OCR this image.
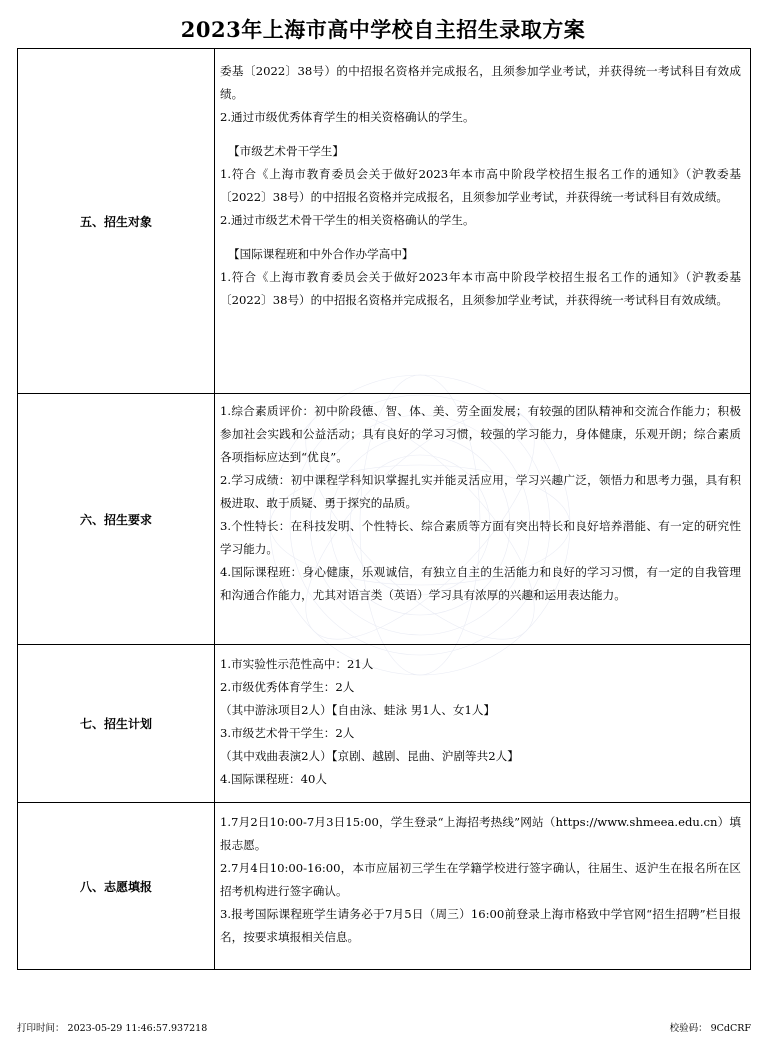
2023年上海市高中学校自主招生录取方案
五、招生对象

委基〔2022〕38号）的中招报名资格并完成报名，且须参加学业考试，并获得统一考试科目有效成绩。

2.通过市级优秀体育学生的相关资格确认的学生。

【市级艺术骨干学生】

1.符合《上海市教育委员会关于做好2023年本市高中阶段学校招生报名工作的通知》（沪教委基〔2022〕38号）的中招报名资格并完成报名，且须参加学业考试，并获得统一考试科目有效成绩。

2.通过市级艺术骨干学生的相关资格确认的学生。

【国际课程班和中外合作办学高中】

1.符合《上海市教育委员会关于做好2023年本市高中阶段学校招生报名工作的通知》（沪教委基〔2022〕38号）的中招报名资格并完成报名，且须参加学业考试，并获得统一考试科目有效成绩。

六、招生要求

1.综合素质评价：初中阶段德、智、体、美、劳全面发展；有较强的团队精神和交流合作能力；积极参加社会实践和公益活动；具有良好的学习习惯，较强的学习能力，身体健康，乐观开朗；综合素质各项指标应达到“优良”。

2.学习成绩：初中课程学科知识掌握扎实并能灵活应用，学习兴趣广泛，领悟力和思考力强，具有积极进取、敢于质疑、勇于探究的品质。

3.个性特长：在科技发明、个性特长、综合素质等方面有突出特长和良好培养潜能、有一定的研究性学习能力。

4.国际课程班：身心健康，乐观诚信，有独立自主的生活能力和良好的学习习惯，有一定的自我管理和沟通合作能力，尤其对语言类（英语）学习具有浓厚的兴趣和运用表达能力。

七、招生计划

1.市实验性示范性高中：21人

2.市级优秀体育学生：2人

（其中游泳项目2人）【自由泳、蛙泳 男1人、女1人】

3.市级艺术骨干学生：2人

（其中戏曲表演2人）【京剧、越剧、昆曲、沪剧等共2人】

4.国际课程班：40人

八、志愿填报

1.7月2日10:00-7月3日15:00，学生登录“上海招考热线”网站（https://www.shmeea.edu.cn）填报志愿。

2.7月4日10:00-16:00，本市应届初三学生在学籍学校进行签字确认，往届生、返沪生在报名所在区招考机构进行签字确认。

3.报考国际课程班学生请务必于7月5日（周三）16:00前登录上海市格致中学官网“招生招聘”栏目报名，按要求填报相关信息。

打印时间： 2023-05-29 11:46:57.937218	校验码： 9CdCRF
